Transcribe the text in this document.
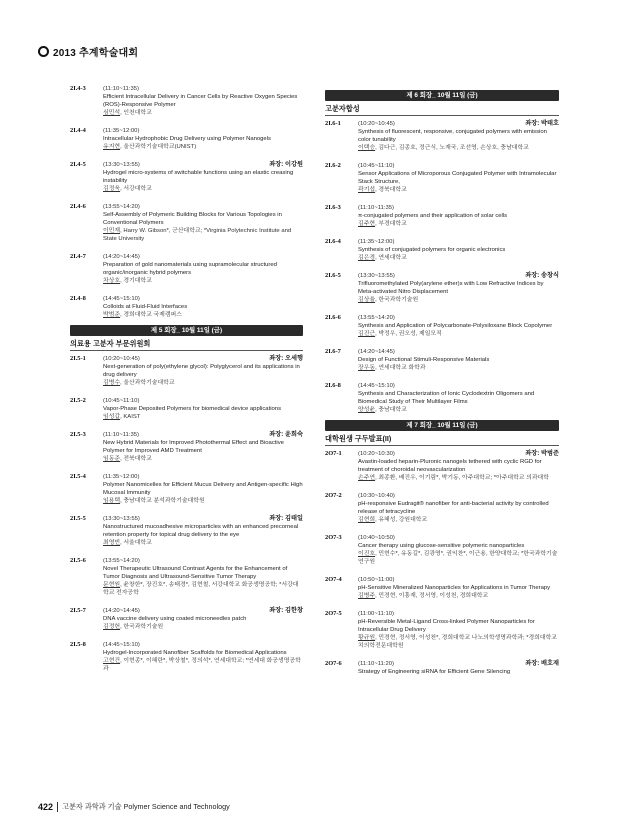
2013 추계학술대회
2I.4-3	(11:10~11:35)
Efficient Intracellular Delivery in Cancer Cells by Reactive Oxygen Species (ROS)-Responsive Polymer
심민석, 인천대학교
2I.4-4	(11:35~12:00)
Intracellular Hydrophobic Drug Delivery using Polymer Nanogels
유지현, 울산과학기술대학교(UNIST)
2I.4-5	(13:30~13:55)	좌장: 이강원
Hydrogel micro-systems of switchable functions using an elastic creasing instability
김정욱, 서강대학교
2I.4-6	(13:55~14:20)
Self-Assembly of Polymeric Building Blocks for Various Topologies in Conventional Polymers
이민재, Harry W. Gibson*, 군산대학교; *Virginia Polytechnic Institute and State University
2I.4-7	(14:20~14:45)
Preparation of gold nanomaterials using supramolecular structured organic/inorganic hybrid polymers
차상호, 경기대학교
2I.4-8	(14:45~15:10)
Colloids at Fluid-Fluid Interfaces
박범준, 경희대학교 국제캠퍼스
제 5 회장_ 10월 11일 (금)
의료용 고분자 부문위원회
2I.5-1	(10:20~10:45)	좌장: 오세행
Next-generation of poly(ethylene glycol): Polyglycerol and its applications in drug delivery
김병수, 울산과학기술대학교
2I.5-2	(10:45~11:10)
Vapor-Phase Deposited Polymers for biomedical device applications
임성갑, KAIST
2I.5-3	(11:10~11:35)	좌장: 윤희숙
New Hybrid Materials for Improved Photothermal Effect and Bioactive Polymer for Improved AMD Treatment
임동준, 전북대학교
2I.5-4	(11:35~12:00)
Polymer Nanomicelles for Efficient Mucus Delivery and Antigen-specific High Mucosal Immunity
임용택, 충남대학교 분석과학기술대학원
2I.5-5	(13:30~13:55)	좌장: 김태일
Nanostructured mucoadhesive microparticles with an enhanced precorneal retention property for topical drug delivery to the eye
최영빈, 서울대학교
2I.5-6	(13:55~14:20)
Novel Therapeutic Ultrasound Contrast Agents for the Enhancement of Tumor Diagnosis and Ultrasound-Sensitive Tumor Therapy
문현원, 윤창한*, 장진호*, 송태경*, 김현철, 서강대학교 화공생명공학; *서강대학교 전자공학
2I.5-7	(14:20~14:45)	좌장: 김한창
DNA vaccine delivery using coated microneedles patch
김정헌, 한국과학기술원
2I.5-8	(14:45~15:10)
Hydrogel-Incorporated Nanofiber Scaffolds for Biomedical Applications
고현건, 이현종*, 이혜란*, 박상철*, 정의석*, 연세대학교; *연세대 화공생명공학과
제 6 회장_ 10월 11일 (금)
고분자합성
2I.6-1	(10:20~10:45)	좌장: 박태호
Synthesis of fluorescent, responsive, conjugated polymers with emission color tunability
이택승, 김다근, 김종호, 정근식, 노재국, 조선영, 손상호, 충남대학교
2I.6-2	(10:45~11:10)
Sensor Applications of Microporous Conjugated Polymer with Intramolecular Stack Structure,
곽기섭, 경북대학교
2I.6-3	(11:10~11:35)
π-conjugated polymers and their application of solar cells
김주현, 부경대학교
2I.6-4	(11:35~12:00)
Synthesis of conjugated polymers for organic electronics
김은경, 연세대학교
2I.6-5	(13:30~13:55)	좌장: 송창식
Trifluoromethylated Poly(arylene ether)s with Low Refractive Indices by Meta-activated Nitro Displacement
김상율, 한국과학기술원
2I.6-6	(13:55~14:20)
Synthesis and Application of Polycarbonate-Polysiloxane Block Copolymer
김진근, 박정우, 권오성, 제일모직
2I.6-7	(14:20~14:45)
Design of Functional Stimuli-Responsive Materials
장우동, 연세대학교 화학과
2I.6-8	(14:45~15:10)
Synthesis and Characterization of Ionic Cyclodextrin Oligomers and Biomedical Study of Their Multilayer Films
양성윤, 충남대학교
제 7 회장_ 10월 11일 (금)
대학원생 구두발표(II)
2O7-1	(10:20~10:30)	좌장: 박범준
Avastin-loaded heparin-Pluronic nanogels tethered with cyclic RGD for treatment of choroidal neovascularization
손주연, 최종환, 배진우, 이기림*, 박기동, 아주대학교; *아주대학교 의과대학
2O7-2	(10:30~10:40)
pH-responsive Eudragit® nanofiber for anti-bacterial activity by controlled release of tetracycline
김현희, 유혜성, 강원대학교
2O7-3	(10:40~10:50)
Cancer therapy using glucose-sensitive polymeric nanoparticles
이진호, 민현수*, 유동길*, 김광명*, 권익찬*, 이근용, 한양대학교; *한국과학기술연구원
2O7-4	(10:50~11:00)
pH-Sensitive Mineralized Nanoparticles for Applications in Tumor Therapy
김병주, 민경현, 이흥재, 정서영, 이성천, 경희대학교
2O7-5	(11:00~11:10)
pH-Reversible Metal-Ligand Cross-linked Polymer Nanoparticles for Intracellular Drug Delivery
황규원, 민경현, 정서영, 이성천*, 경희대학교 나노의학생명과학과; *경희대학교 치의학전문대학원
2O7-6	(11:10~11:20)	좌장: 배호재
Strategy of Engineering siRNA for Efficient Gene Silencing
422 고분자 과학과 기술 Polymer Science and Technology
